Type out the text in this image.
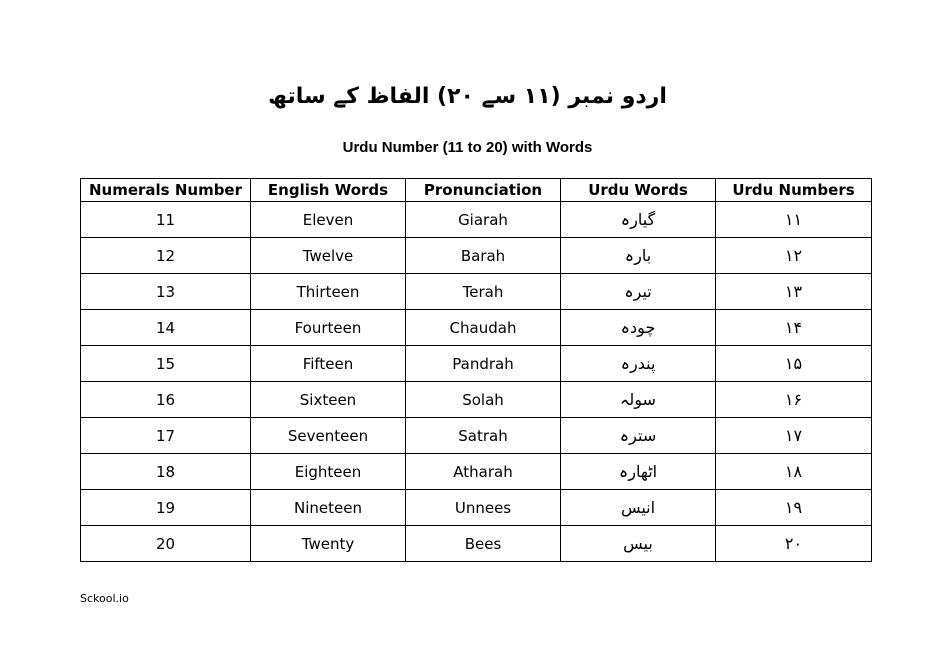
اردو نمبر (۱۱ سے ۲۰) الفاظ کے ساتھ
Urdu Number (11 to 20) with Words
Numerals Number	English Words	Pronunciation	Urdu Words	Urdu Numbers
11	Eleven	Giarah	گیارہ	۱۱
12	Twelve	Barah	بارہ	۱۲
13	Thirteen	Terah	تیرہ	۱۳
14	Fourteen	Chaudah	چودہ	۱۴
15	Fifteen	Pandrah	پندرہ	۱۵
16	Sixteen	Solah	سولہ	۱۶
17	Seventeen	Satrah	سترہ	۱۷
18	Eighteen	Atharah	اٹھارہ	۱۸
19	Nineteen	Unnees	انیس	۱۹
20	Twenty	Bees	بیس	۲۰
Sckool.io
